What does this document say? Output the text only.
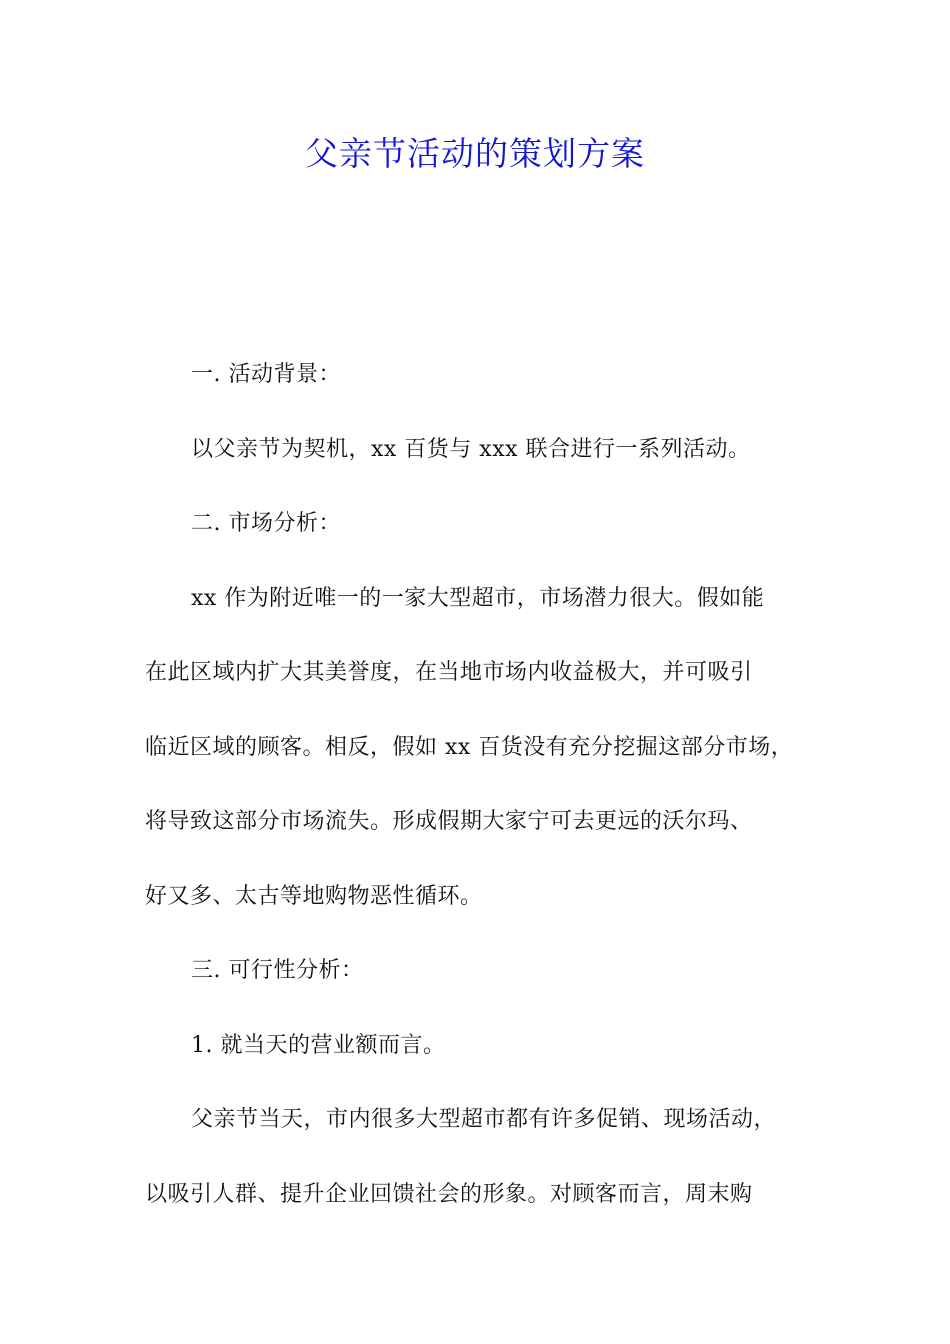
父亲节活动的策划方案

一. 活动背景：

以父亲节为契机，xx 百货与 xxx 联合进行一系列活动。

二. 市场分析：

xx 作为附近唯一的一家大型超市，市场潜力很大。假如能

在此区域内扩大其美誉度，在当地市场内收益极大，并可吸引

临近区域的顾客。相反，假如 xx 百货没有充分挖掘这部分市场，

将导致这部分市场流失。形成假期大家宁可去更远的沃尔玛、

好又多、太古等地购物恶性循环。

三. 可行性分析：

1. 就当天的营业额而言。

父亲节当天，市内很多大型超市都有许多促销、现场活动，

以吸引人群、提升企业回馈社会的形象。对顾客而言，周末购
